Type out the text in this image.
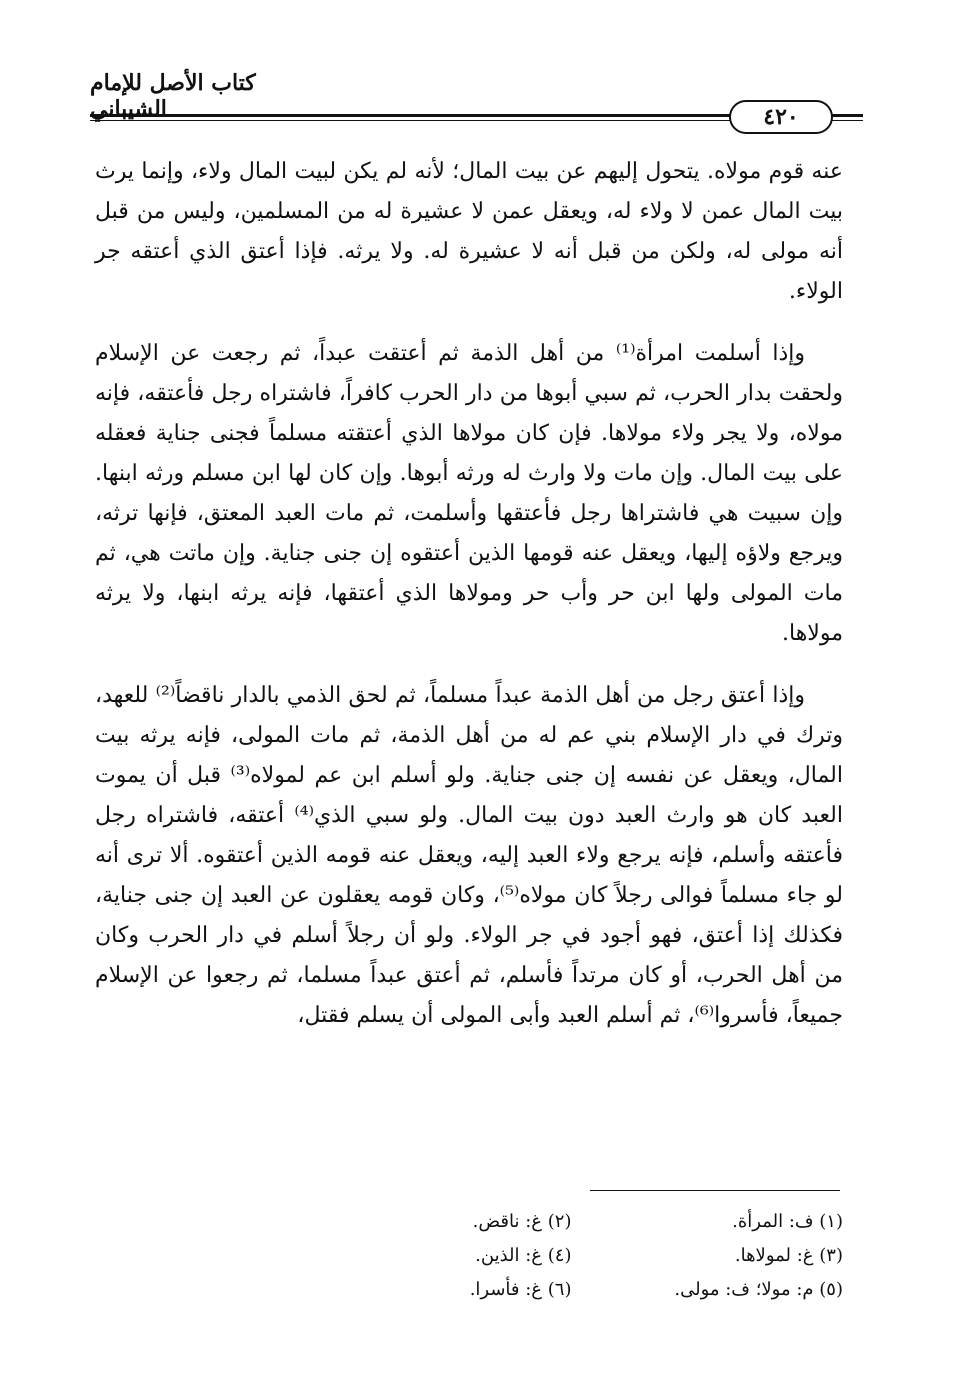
كتاب الأصل للإمام الشيباني	٤٢٠

عنه قوم مولاه. يتحول إليهم عن بيت المال؛ لأنه لم يكن لبيت المال ولاء، وإنما يرث بيت المال عمن لا ولاء له، ويعقل عمن لا عشيرة له من المسلمين، وليس من قبل أنه مولى له، ولكن من قبل أنه لا عشيرة له. ولا يرثه. فإذا أعتق الذي أعتقه جر الولاء.

وإذا أسلمت امرأة⁽¹⁾ من أهل الذمة ثم أعتقت عبداً، ثم رجعت عن الإسلام ولحقت بدار الحرب، ثم سبي أبوها من دار الحرب كافراً، فاشتراه رجل فأعتقه، فإنه مولاه، ولا يجر ولاء مولاها. فإن كان مولاها الذي أعتقته مسلماً فجنى جناية فعقله على بيت المال. وإن مات ولا وارث له ورثه أبوها. وإن كان لها ابن مسلم ورثه ابنها. وإن سبيت هي فاشتراها رجل فأعتقها وأسلمت، ثم مات العبد المعتق، فإنها ترثه، ويرجع ولاؤه إليها، ويعقل عنه قومها الذين أعتقوه إن جنى جناية. وإن ماتت هي، ثم مات المولى ولها ابن حر وأب حر ومولاها الذي أعتقها، فإنه يرثه ابنها، ولا يرثه مولاها.

وإذا أعتق رجل من أهل الذمة عبداً مسلماً، ثم لحق الذمي بالدار ناقضاً⁽²⁾ للعهد، وترك في دار الإسلام بني عم له من أهل الذمة، ثم مات المولى، فإنه يرثه بيت المال، ويعقل عن نفسه إن جنى جناية. ولو أسلم ابن عم لمولاه⁽³⁾ قبل أن يموت العبد كان هو وارث العبد دون بيت المال. ولو سبي الذي⁽⁴⁾ أعتقه، فاشتراه رجل فأعتقه وأسلم، فإنه يرجع ولاء العبد إليه، ويعقل عنه قومه الذين أعتقوه. ألا ترى أنه لو جاء مسلماً فوالى رجلاً كان مولاه⁽⁵⁾، وكان قومه يعقلون عن العبد إن جنى جناية، فكذلك إذا أعتق، فهو أجود في جر الولاء. ولو أن رجلاً أسلم في دار الحرب وكان من أهل الحرب، أو كان مرتداً فأسلم، ثم أعتق عبداً مسلما، ثم رجعوا عن الإسلام جميعاً، فأسروا⁽⁶⁾، ثم أسلم العبد وأبى المولى أن يسلم فقتل،

(١) ف: المرأة.
(٢) غ: ناقض.
(٣) غ: لمولاها.
(٤) غ: الذين.
(٥) م: مولا؛ ف: مولى.
(٦) غ: فأسرا.
